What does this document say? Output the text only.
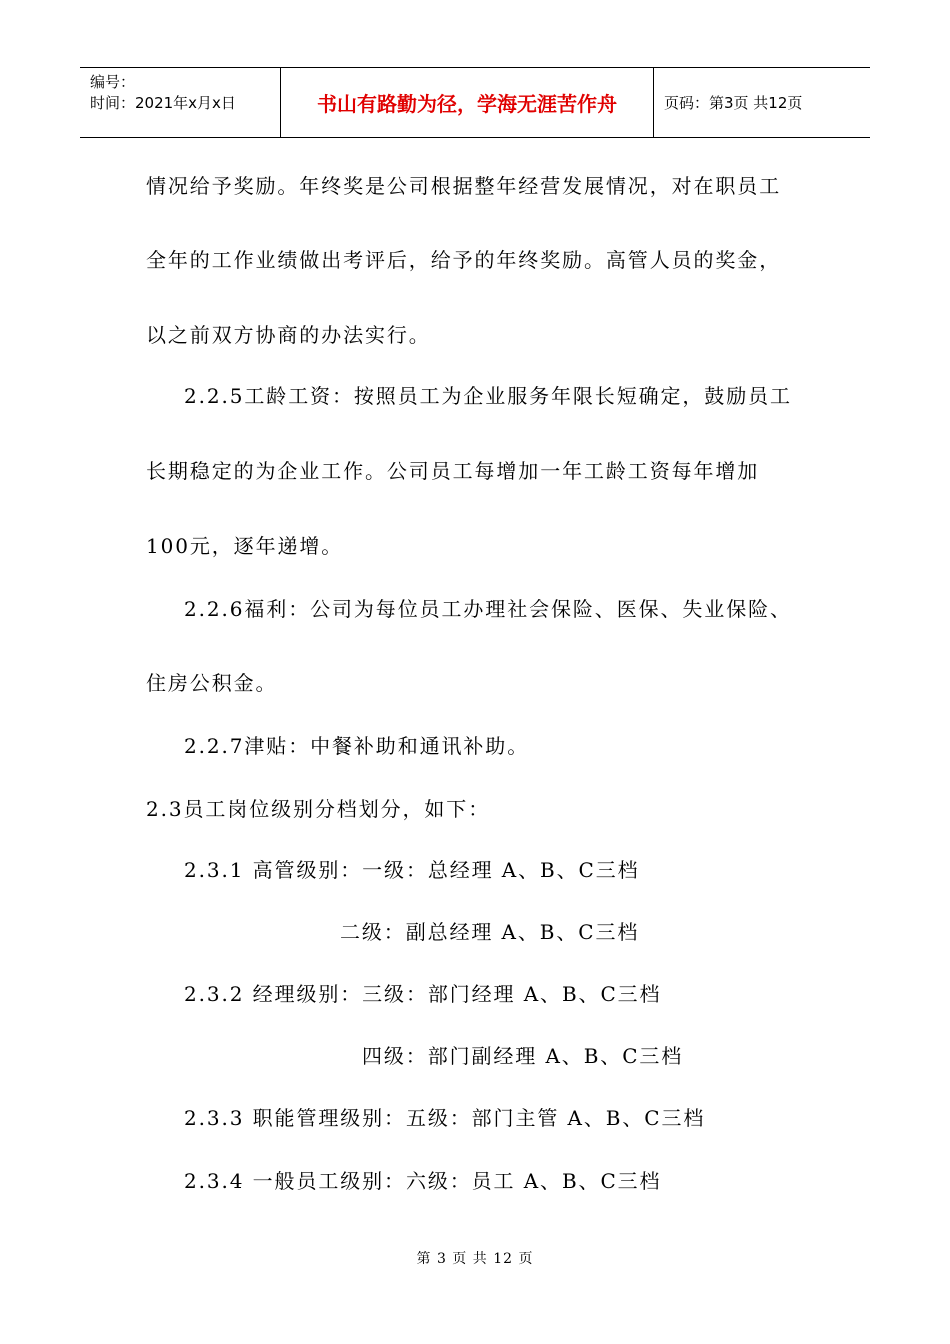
编号：
时间：2021年x月x日	书山有路勤为径，学海无涯苦作舟	页码：第3页 共12页
情况给予奖励。年终奖是公司根据整年经营发展情况，对在职员工
全年的工作业绩做出考评后，给予的年终奖励。高管人员的奖金，
以之前双方协商的办法实行。
2.2.5工龄工资：按照员工为企业服务年限长短确定，鼓励员工
长期稳定的为企业工作。公司员工每增加一年工龄工资每年增加
100元，逐年递增。
2.2.6福利：公司为每位员工办理社会保险、医保、失业保险、
住房公积金。
2.2.7津贴：中餐补助和通讯补助。
2.3员工岗位级别分档划分，如下：
2.3.1 高管级别：一级：总经理 A、B、C三档
二级：副总经理 A、B、C三档
2.3.2 经理级别：三级：部门经理 A、B、C三档
四级：部门副经理 A、B、C三档
2.3.3 职能管理级别：五级：部门主管 A、B、C三档
2.3.4 一般员工级别：六级：员工 A、B、C三档
第 3 页 共 12 页
